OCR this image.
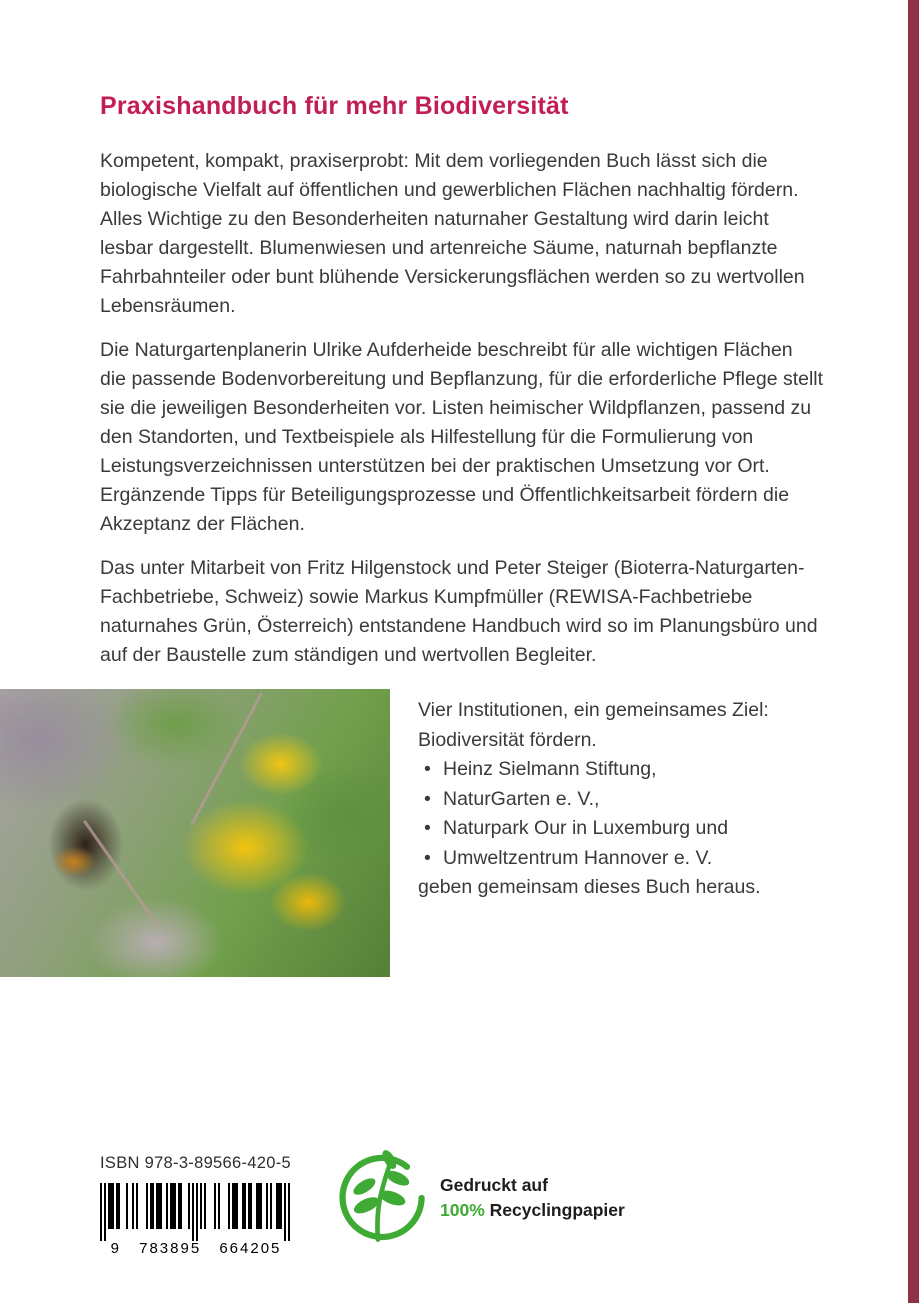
Praxishandbuch für mehr Biodiversität

Kompetent, kompakt, praxiserprobt: Mit dem vorliegenden Buch lässt sich die biologische Vielfalt auf öffentlichen und gewerblichen Flächen nachhaltig fördern. Alles Wichtige zu den Besonderheiten naturnaher Gestaltung wird darin leicht lesbar dargestellt. Blumenwiesen und artenreiche Säume, naturnah bepflanzte Fahrbahnteiler oder bunt blühende Versickerungsflächen werden so zu wertvollen Lebensräumen.

Die Naturgartenplanerin Ulrike Aufderheide beschreibt für alle wichtigen Flächen die passende Bodenvorbereitung und Bepflanzung, für die erforderliche Pflege stellt sie die jeweiligen Besonderheiten vor. Listen heimischer Wildpflanzen, passend zu den Standorten, und Textbeispiele als Hilfestellung für die Formulierung von Leistungsverzeichnissen unterstützen bei der praktischen Umsetzung vor Ort. Ergänzende Tipps für Beteiligungsprozesse und Öffentlichkeitsarbeit fördern die Akzeptanz der Flächen.

Das unter Mitarbeit von Fritz Hilgenstock und Peter Steiger (Bioterra-Naturgarten-Fachbetriebe, Schweiz) sowie Markus Kumpfmüller (REWISA-Fachbetriebe naturnahes Grün, Österreich) entstandene Handbuch wird so im Planungsbüro und auf der Baustelle zum ständigen und wertvollen Begleiter.

Vier Institutionen, ein gemeinsames Ziel:
Biodiversität fördern.
• Heinz Sielmann Stiftung,
• NaturGarten e. V.,
• Naturpark Our in Luxemburg und
• Umweltzentrum Hannover e. V.
geben gemeinsam dieses Buch heraus.
ISBN 978-3-89566-420-5
9 783895 664205
Gedruckt auf
100% Recyclingpapier
